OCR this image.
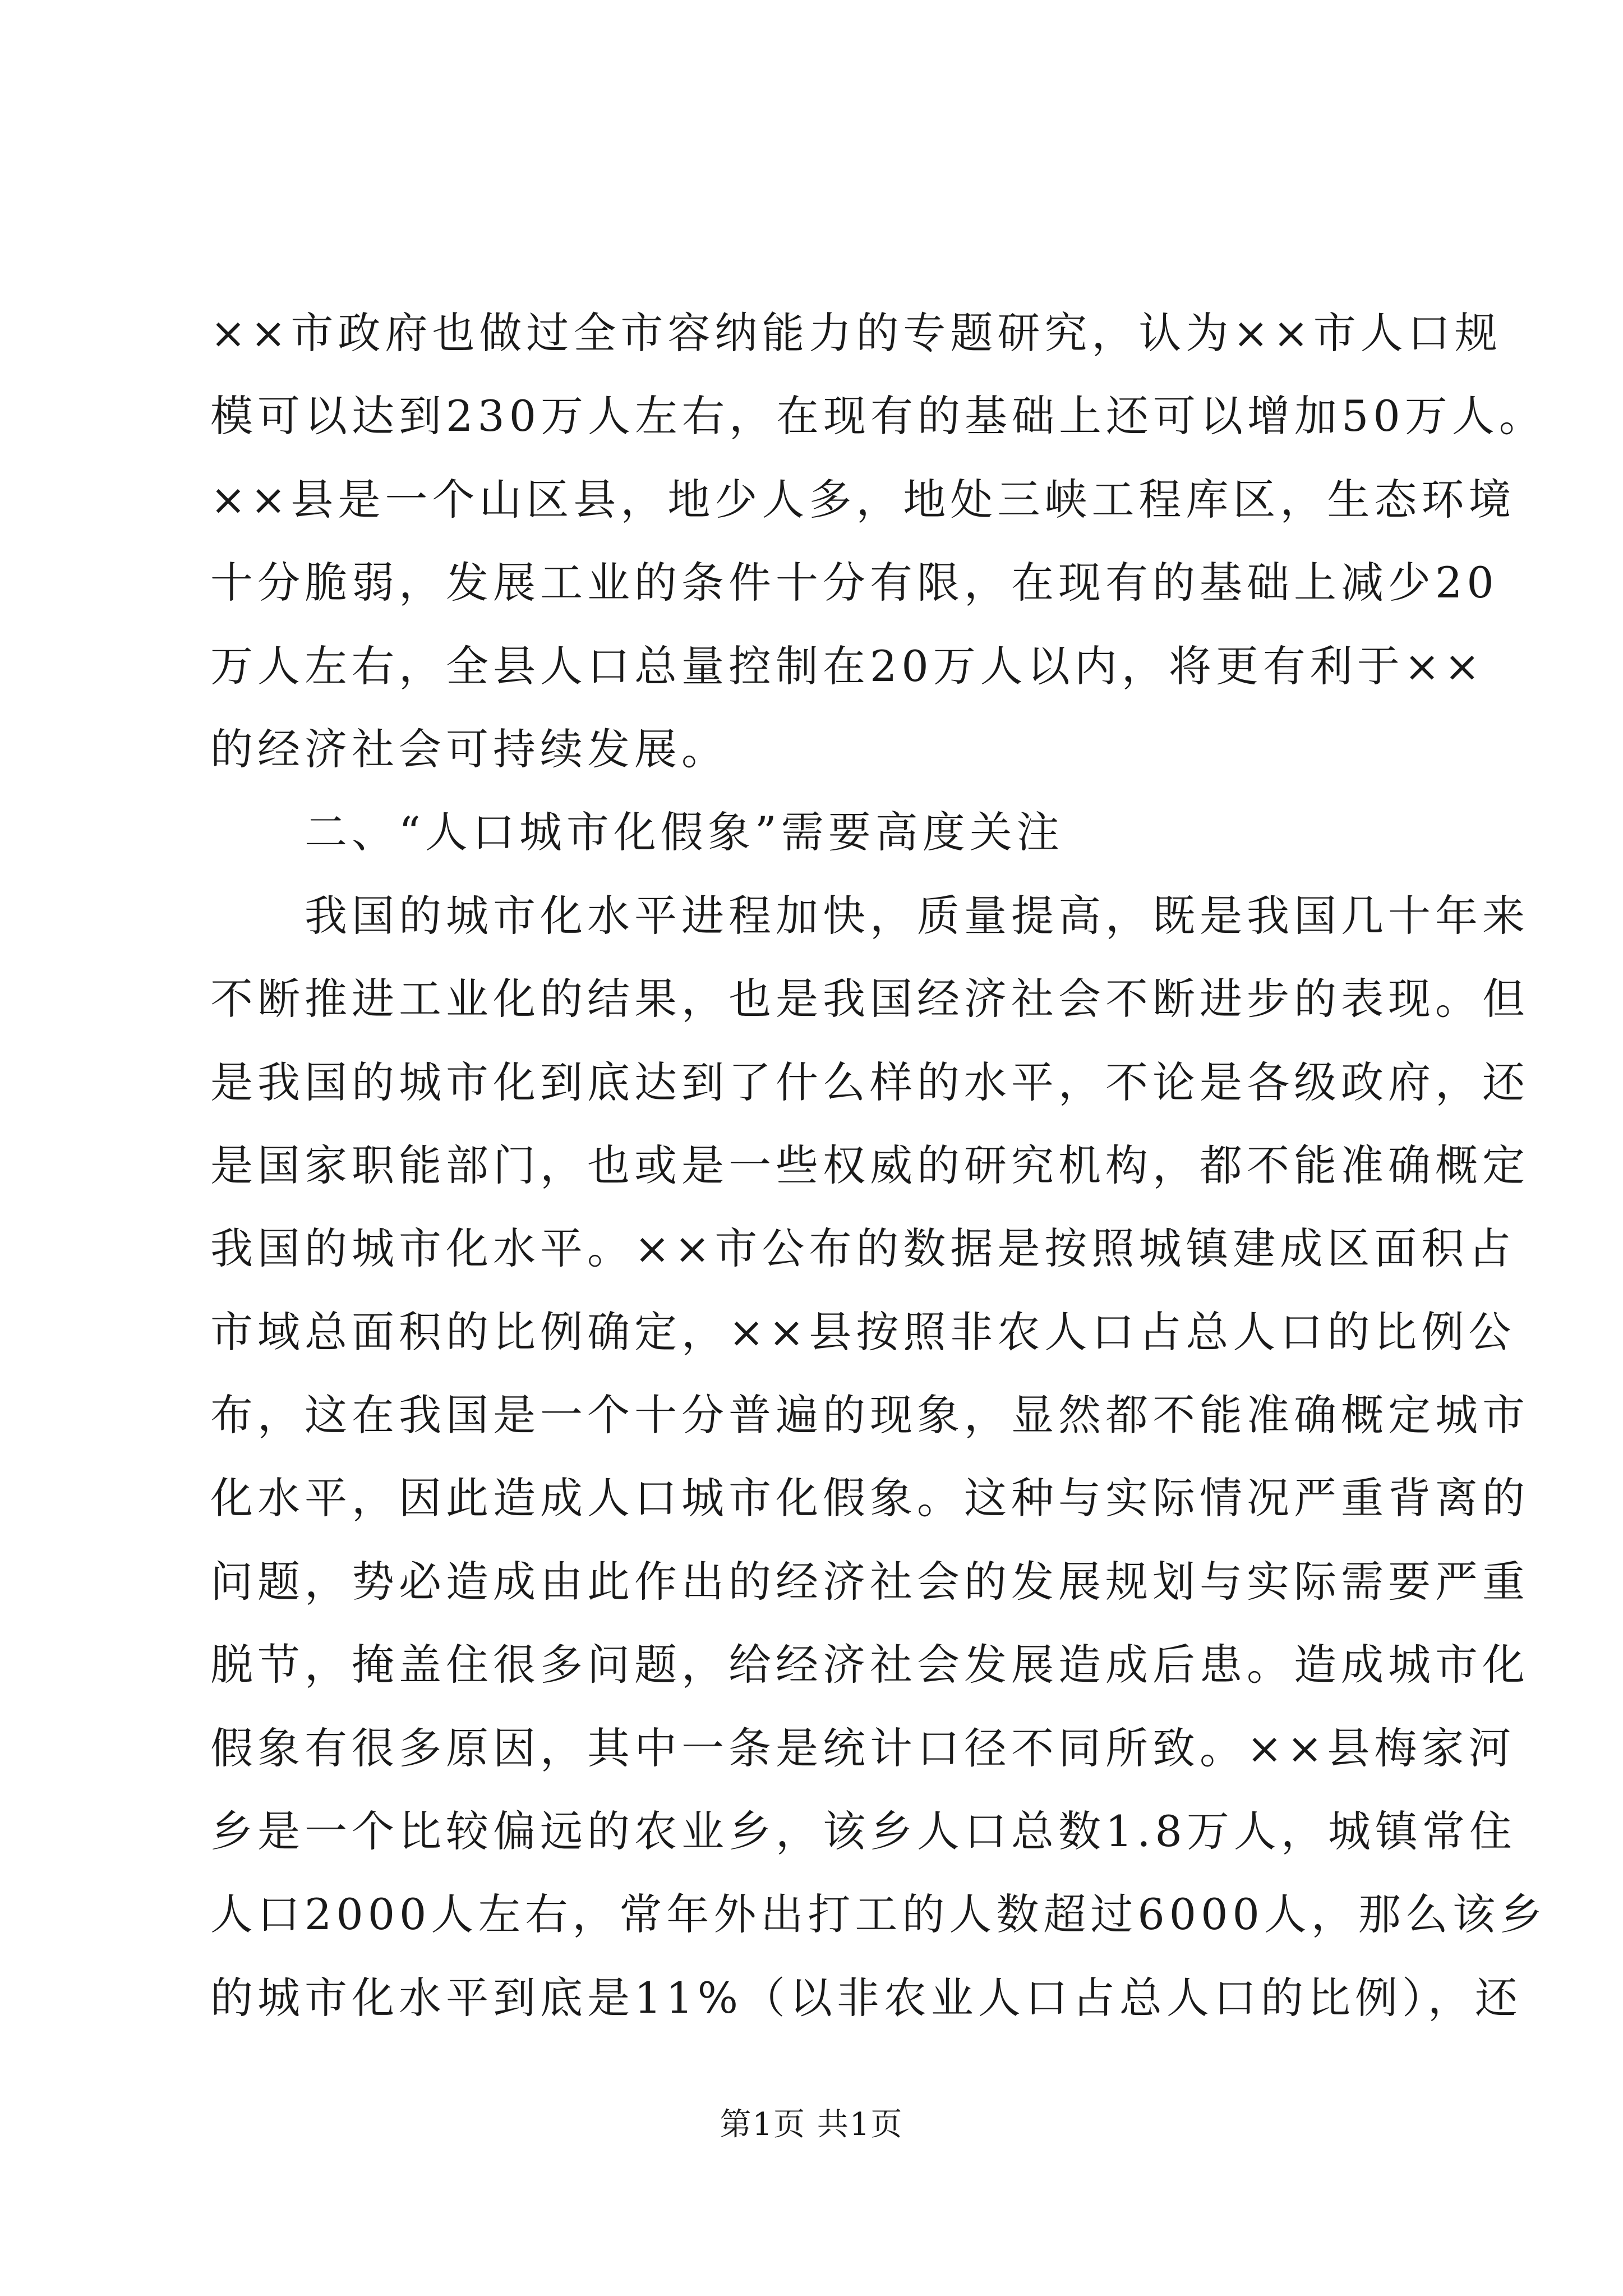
××市政府也做过全市容纳能力的专题研究，认为××市人口规
模可以达到230万人左右，在现有的基础上还可以增加50万人。
××县是一个山区县，地少人多，地处三峡工程库区，生态环境
十分脆弱，发展工业的条件十分有限，在现有的基础上减少20
万人左右，全县人口总量控制在20万人以内，将更有利于××
的经济社会可持续发展。
二、“人口城市化假象”需要高度关注
我国的城市化水平进程加快，质量提高，既是我国几十年来
不断推进工业化的结果，也是我国经济社会不断进步的表现。但
是我国的城市化到底达到了什么样的水平，不论是各级政府，还
是国家职能部门，也或是一些权威的研究机构，都不能准确概定
我国的城市化水平。××市公布的数据是按照城镇建成区面积占
市域总面积的比例确定，××县按照非农人口占总人口的比例公
布，这在我国是一个十分普遍的现象，显然都不能准确概定城市
化水平，因此造成人口城市化假象。这种与实际情况严重背离的
问题，势必造成由此作出的经济社会的发展规划与实际需要严重
脱节，掩盖住很多问题，给经济社会发展造成后患。造成城市化
假象有很多原因，其中一条是统计口径不同所致。××县梅家河
乡是一个比较偏远的农业乡，该乡人口总数1.8万人，城镇常住
人口2000人左右，常年外出打工的人数超过6000人，那么该乡
的城市化水平到底是11%（以非农业人口占总人口的比例），还
第1页 共1页
